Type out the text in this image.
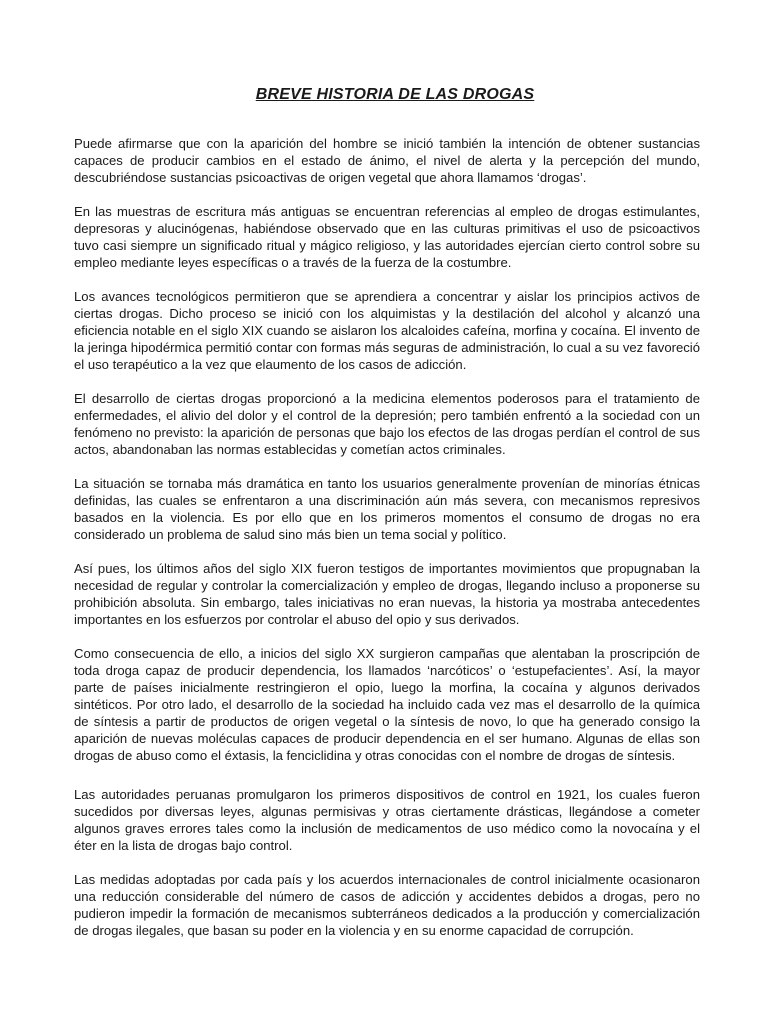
BREVE HISTORIA DE LAS DROGAS

Puede afirmarse que con la aparición del hombre se inició también la intención de obtener sustancias capaces de producir cambios en el estado de ánimo, el nivel de alerta y la percepción del mundo, descubriéndose sustancias psicoactivas de origen vegetal que ahora llamamos ‘drogas’.

En las muestras de escritura más antiguas se encuentran referencias al empleo de drogas estimulantes, depresoras y alucinógenas, habiéndose observado que en las culturas primitivas el uso de psicoactivos tuvo casi siempre un significado ritual y mágico religioso, y las autoridades ejercían cierto control sobre su empleo mediante leyes específicas o a través de la fuerza de la costumbre.

Los avances tecnológicos permitieron que se aprendiera a concentrar y aislar los principios activos de ciertas drogas. Dicho proceso se inició con los alquimistas y la destilación del alcohol y alcanzó una eficiencia notable en el siglo XIX cuando se aislaron los alcaloides cafeína, morfina y cocaína. El invento de la jeringa hipodérmica permitió contar con formas más seguras de administración, lo cual a su vez favoreció el uso terapéutico a la vez que elaumento de los casos de adicción.

El desarrollo de ciertas drogas proporcionó a la medicina elementos poderosos para el tratamiento de enfermedades, el alivio del dolor y el control de la depresión; pero también enfrentó a la sociedad con un fenómeno no previsto: la aparición de personas que bajo los efectos de las drogas perdían el control de sus actos, abandonaban las normas establecidas y cometían actos criminales.

La situación se tornaba más dramática en tanto los usuarios generalmente provenían de minorías étnicas definidas, las cuales se enfrentaron a una discriminación aún más severa, con mecanismos represivos basados en la violencia. Es por ello que en los primeros momentos el consumo de drogas no era considerado un problema de salud sino más bien un tema social y político.

Así pues, los últimos años del siglo XIX fueron testigos de importantes movimientos que propugnaban la necesidad de regular y controlar la comercialización y empleo de drogas, llegando incluso a proponerse su prohibición absoluta. Sin embargo, tales iniciativas no eran nuevas, la historia ya mostraba antecedentes importantes en los esfuerzos por controlar el abuso del opio y sus derivados.

Como consecuencia de ello, a inicios del siglo XX surgieron campañas que alentaban la proscripción de toda droga capaz de producir dependencia, los llamados ‘narcóticos’ o ‘estupefacientes’. Así, la mayor parte de países inicialmente restringieron el opio, luego la morfina, la cocaína y algunos derivados sintéticos. Por otro lado, el desarrollo de la sociedad ha incluido cada vez mas el desarrollo de la química de síntesis a partir de productos de origen vegetal o la síntesis de novo, lo que ha generado consigo la aparición de nuevas moléculas capaces de producir dependencia en el ser humano. Algunas de ellas son drogas de abuso como el éxtasis, la fenciclidina y otras conocidas con el nombre de drogas de síntesis.

Las autoridades peruanas promulgaron los primeros dispositivos de control en 1921, los cuales fueron sucedidos por diversas leyes, algunas permisivas y otras ciertamente drásticas, llegándose a cometer algunos graves errores tales como la inclusión de medicamentos de uso médico como la novocaína y el éter en la lista de drogas bajo control.

Las medidas adoptadas por cada país y los acuerdos internacionales de control inicialmente ocasionaron una reducción considerable del número de casos de adicción y accidentes debidos a drogas, pero no pudieron impedir la formación de mecanismos subterráneos dedicados a la producción y comercialización de drogas ilegales, que basan su poder en la violencia y en su enorme capacidad de corrupción.
